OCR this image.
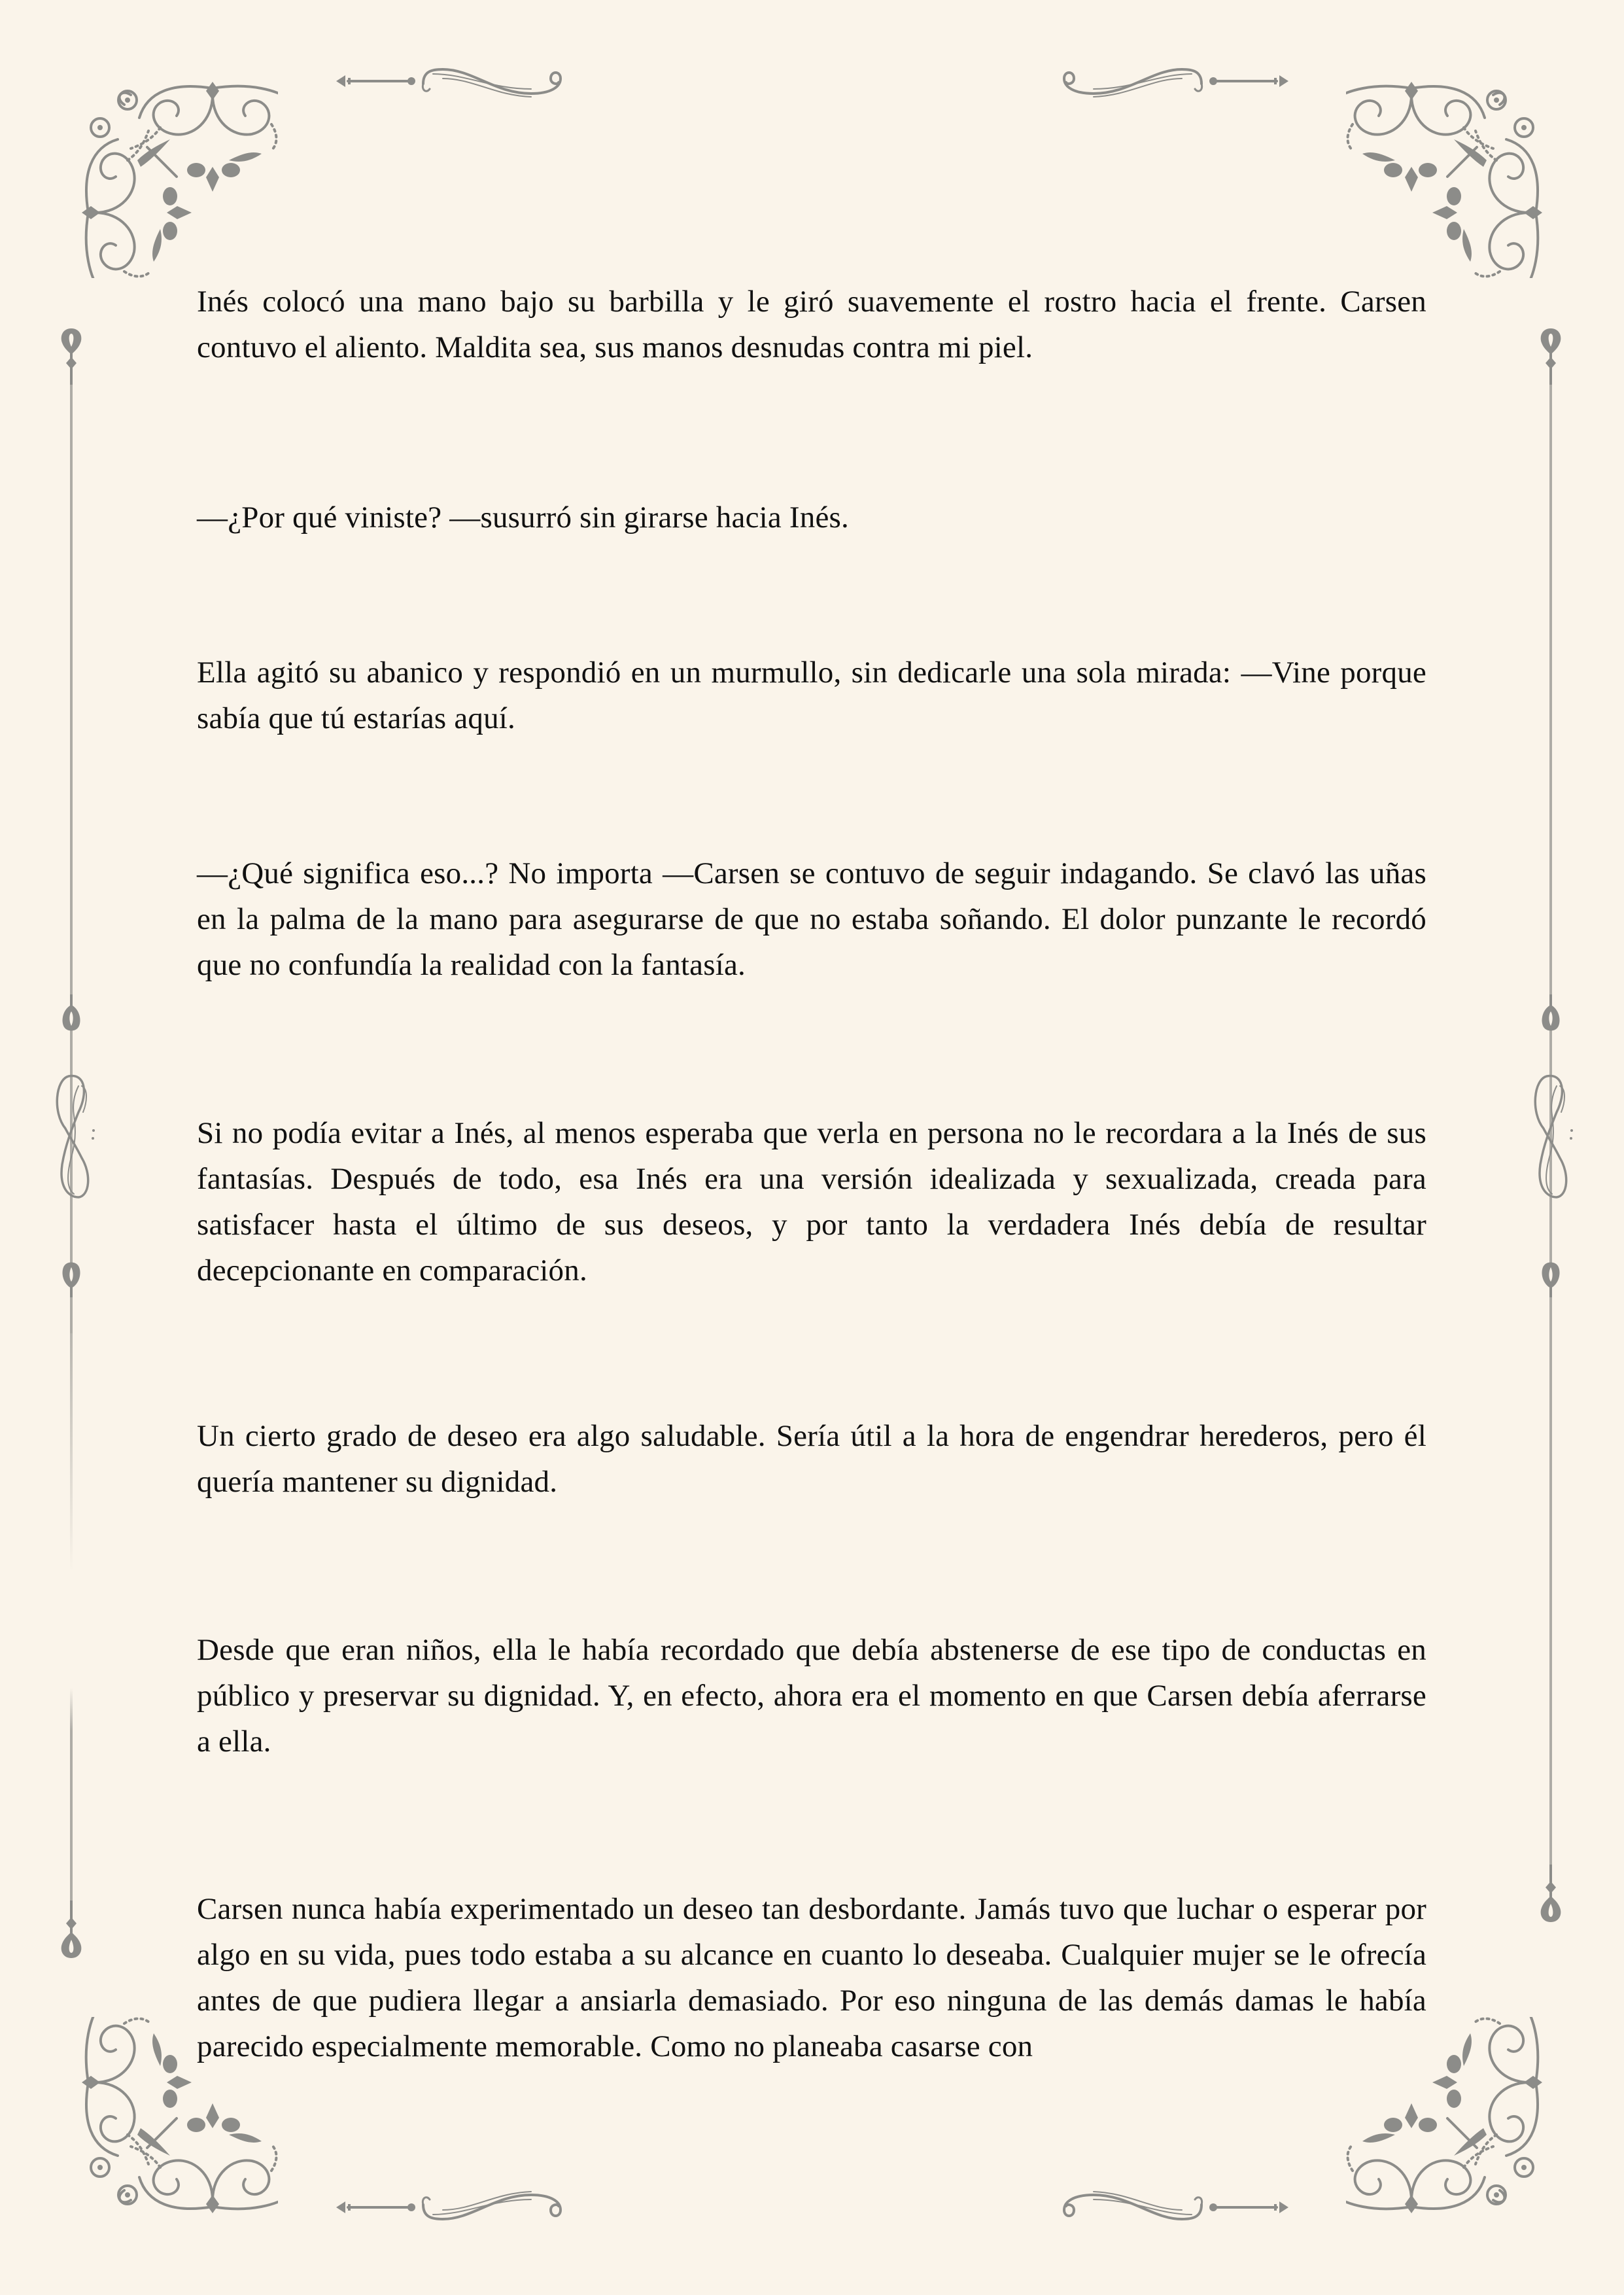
Inés colocó una mano bajo su barbilla y le giró suavemente el rostro hacia el frente. Carsen contuvo el aliento. Maldita sea, sus manos desnudas contra mi piel.

—¿Por qué viniste? —susurró sin girarse hacia Inés.

Ella agitó su abanico y respondió en un murmullo, sin dedicarle una sola mirada: —Vine porque sabía que tú estarías aquí.

—¿Qué significa eso...? No importa —Carsen se contuvo de seguir indagando. Se clavó las uñas en la palma de la mano para asegurarse de que no estaba soñando. El dolor punzante le recordó que no confundía la realidad con la fantasía.

Si no podía evitar a Inés, al menos esperaba que verla en persona no le recordara a la Inés de sus fantasías. Después de todo, esa Inés era una versión idealizada y sexualizada, creada para satisfacer hasta el último de sus deseos, y por tanto la verdadera Inés debía de resultar decepcionante en comparación.

Un cierto grado de deseo era algo saludable. Sería útil a la hora de engendrar herederos, pero él quería mantener su dignidad.

Desde que eran niños, ella le había recordado que debía abstenerse de ese tipo de conductas en público y preservar su dignidad. Y, en efecto, ahora era el momento en que Carsen debía aferrarse a ella.

Carsen nunca había experimentado un deseo tan desbordante. Jamás tuvo que luchar o esperar por algo en su vida, pues todo estaba a su alcance en cuanto lo deseaba. Cualquier mujer se le ofrecía antes de que pudiera llegar a ansiarla demasiado. Por eso ninguna de las demás damas le había parecido especialmente memorable. Como no planeaba casarse con
